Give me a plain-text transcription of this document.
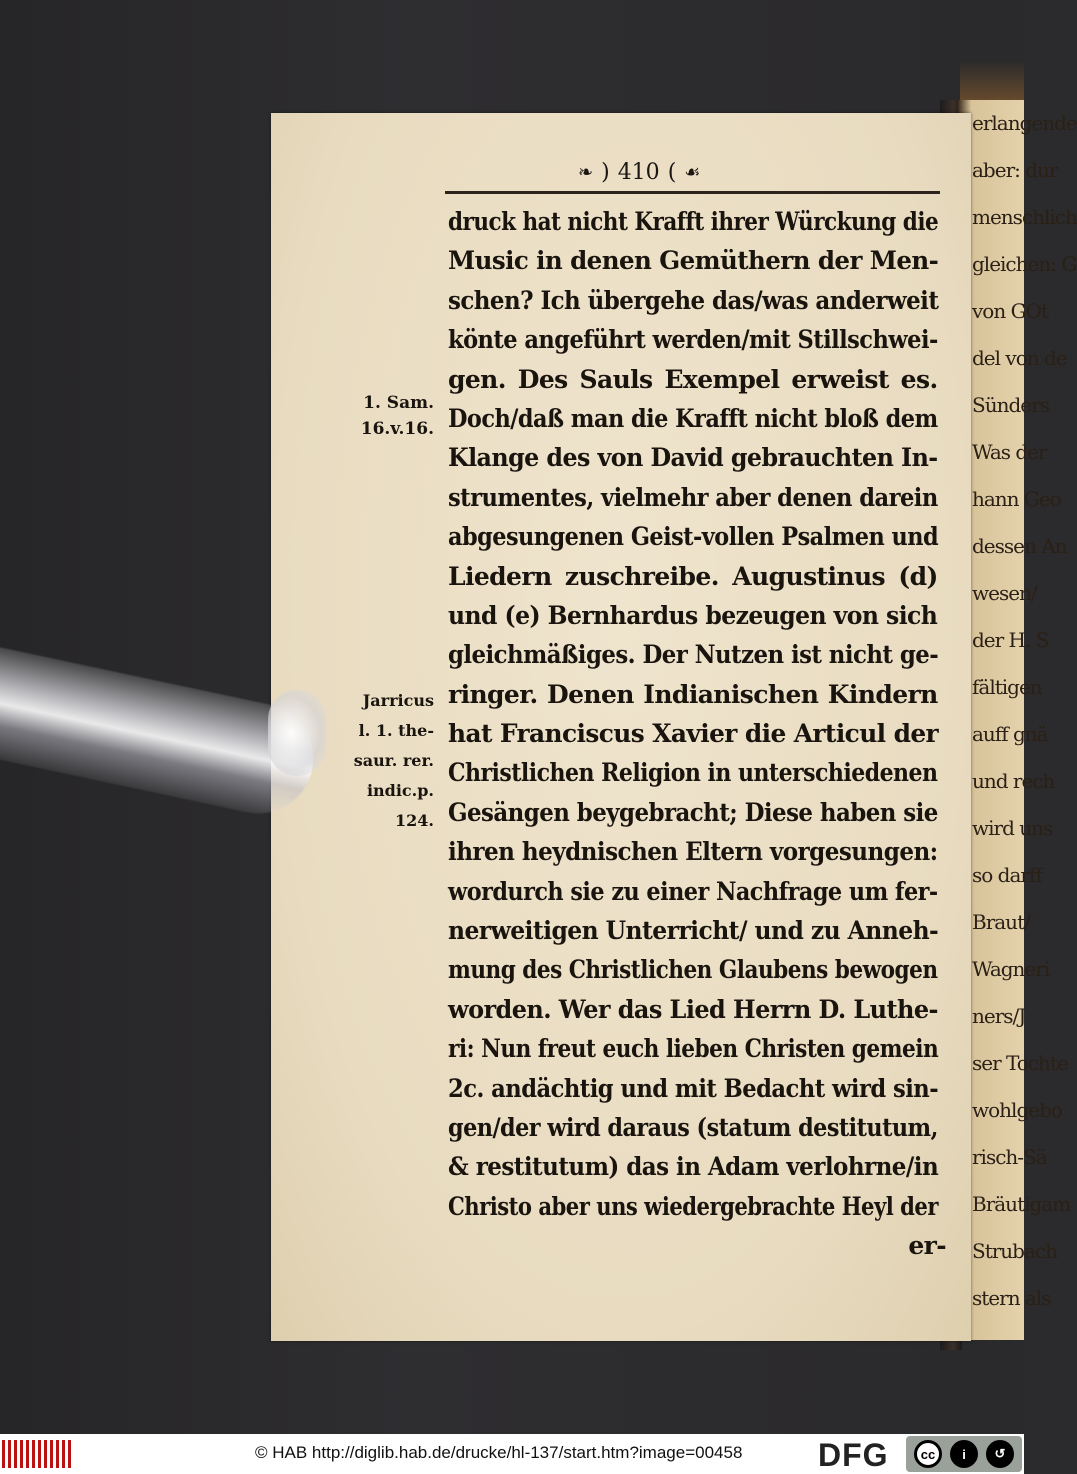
erlangende
aber: dur
menschlich
gleichen: G
von GOt
del von de
Sünders
Was der
hann Geo
dessen An
wesen/
der H. S
fältigen
auff gnä
und rech
wird uns
so darff
Braut/
Wagneri
ners/J
ser Tochte
wohlgebo
risch-Sä
Bräutigam
Strubach
stern als
❧ ) 410 ( ☙
druck hat nicht Krafft ihrer Würckung die
Music in denen Gemüthern der Men-
schen? Ich übergehe das/was anderweit
könte angeführt werden/mit Stillschwei-
gen. Des Sauls Exempel erweist es.
Doch/daß man die Krafft nicht bloß dem
Klange des von David gebrauchten In-
strumentes, vielmehr aber denen darein
abgesungenen Geist-vollen Psalmen und
Liedern zuschreibe. Augustinus (d)
und (e) Bernhardus bezeugen von sich
gleichmäßiges. Der Nutzen ist nicht ge-
ringer. Denen Indianischen Kindern
hat Franciscus Xavier die Articul der
Christlichen Religion in unterschiedenen
Gesängen beygebracht; Diese haben sie
ihren heydnischen Eltern vorgesungen:
wordurch sie zu einer Nachfrage um fer-
nerweitigen Unterricht/ und zu Anneh-
mung des Christlichen Glaubens bewogen
worden. Wer das Lied Herrn D. Luthe-
ri: Nun freut euch lieben Christen gemein
2c. andächtig und mit Bedacht wird sin-
gen/der wird daraus (statum destitutum,
& restitutum) das in Adam verlohrne/in
Christo aber uns wiedergebrachte Heyl der
er-
1. Sam.
16.v.16.
Jarricus
l. 1. the-
saur. rer.
indic.p.
124.
© HAB http://diglib.hab.de/drucke/hl-137/start.htm?image=00458 DFG	cc	i	↺
